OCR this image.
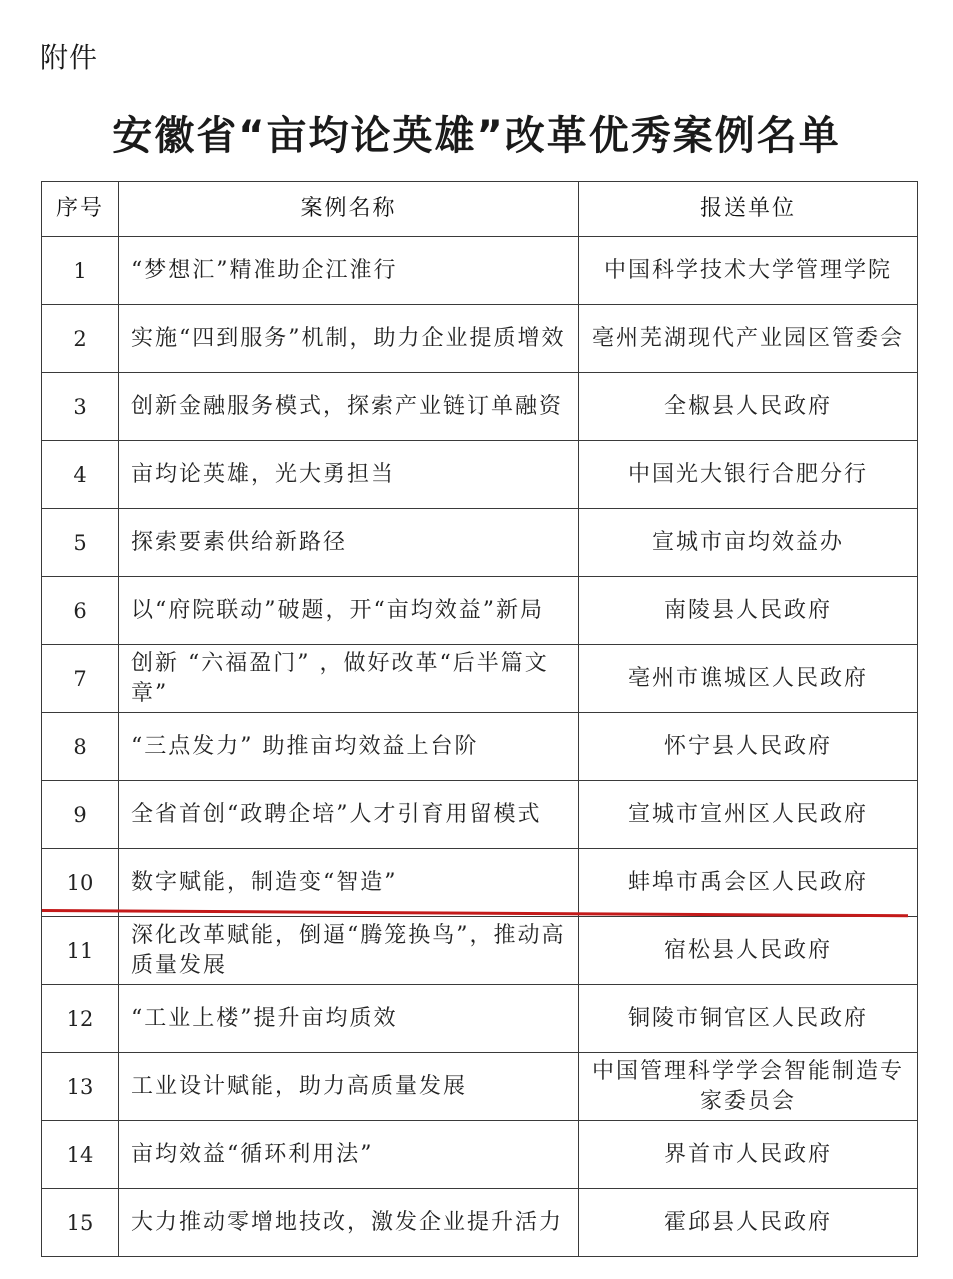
附件
安徽省“亩均论英雄”改革优秀案例名单
序号	案例名称	报送单位
1	“梦想汇”精准助企江淮行	中国科学技术大学管理学院
2	实施“四到服务”机制，助力企业提质增效	亳州芜湖现代产业园区管委会
3	创新金融服务模式，探索产业链订单融资	全椒县人民政府
4	亩均论英雄，光大勇担当	中国光大银行合肥分行
5	探索要素供给新路径	宣城市亩均效益办
6	以“府院联动”破题，开“亩均效益”新局	南陵县人民政府
7	创新 “六福盈门” ，做好改革“后半篇文章”	亳州市谯城区人民政府
8	“三点发力” 助推亩均效益上台阶	怀宁县人民政府
9	全省首创“政聘企培”人才引育用留模式	宣城市宣州区人民政府
10	数字赋能，制造变“智造”	蚌埠市禹会区人民政府
11	深化改革赋能，倒逼“腾笼换鸟”，推动高质量发展	宿松县人民政府
12	“工业上楼”提升亩均质效	铜陵市铜官区人民政府
13	工业设计赋能，助力高质量发展	中国管理科学学会智能制造专家委员会
14	亩均效益“循环利用法”	界首市人民政府
15	大力推动零增地技改，激发企业提升活力	霍邱县人民政府
